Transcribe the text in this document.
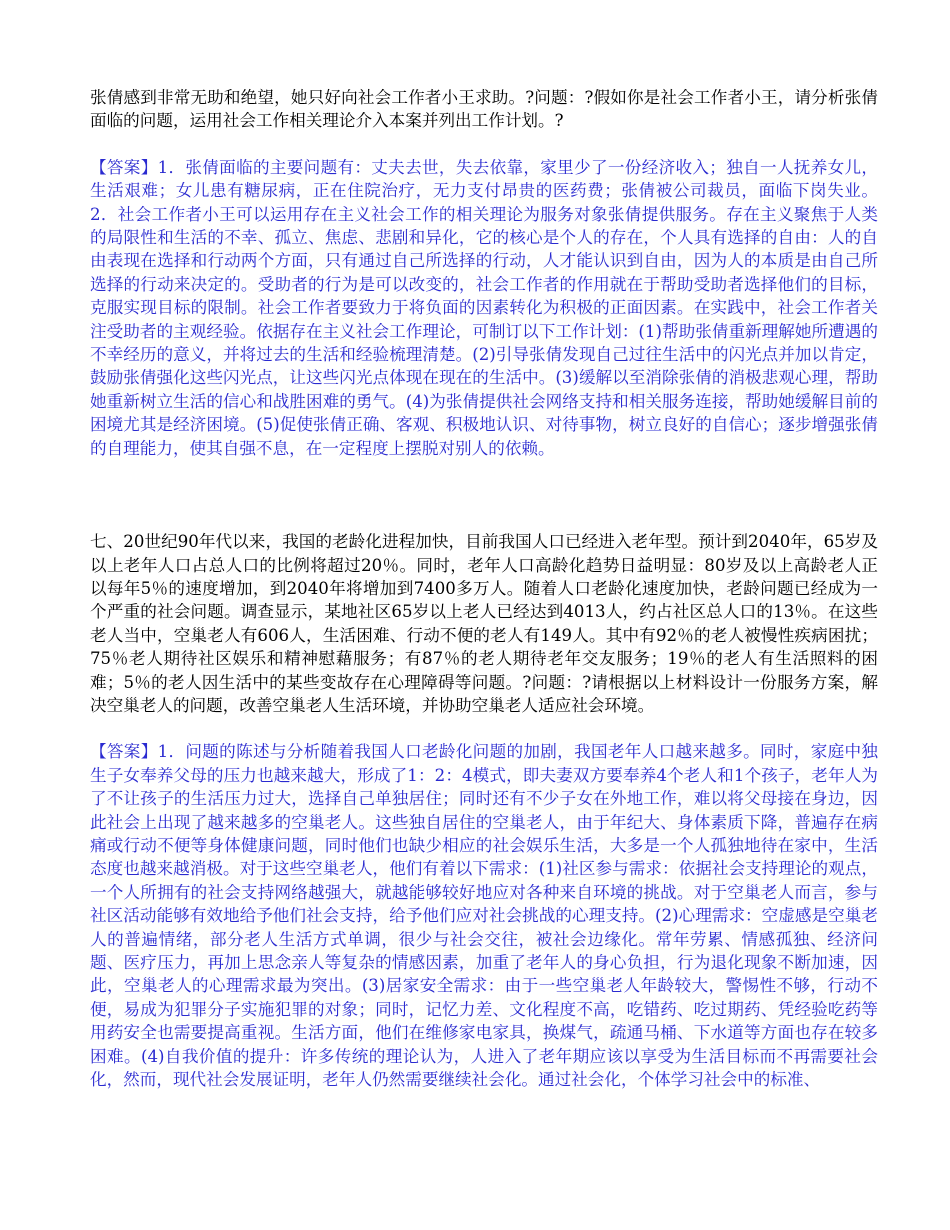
张倩感到非常无助和绝望，她只好向社会工作者小王求助。?问题：?假如你是社会工作者小王，请分析张倩面临的问题，运用社会工作相关理论介入本案并列出工作计划。?

【答案】1．张倩面临的主要问题有：丈夫去世，失去依靠，家里少了一份经济收入；独自一人抚养女儿，生活艰难；女儿患有糖尿病，正在住院治疗，无力支付昂贵的医药费；张倩被公司裁员，面临下岗失业。2．社会工作者小王可以运用存在主义社会工作的相关理论为服务对象张倩提供服务。存在主义聚焦于人类的局限性和生活的不幸、孤立、焦虑、悲剧和异化，它的核心是个人的存在，个人具有选择的自由：人的自由表现在选择和行动两个方面，只有通过自己所选择的行动，人才能认识到自由，因为人的本质是由自己所选择的行动来决定的。受助者的行为是可以改变的，社会工作者的作用就在于帮助受助者选择他们的目标，克服实现目标的限制。社会工作者要致力于将负面的因素转化为积极的正面因素。在实践中，社会工作者关注受助者的主观经验。依据存在主义社会工作理论，可制订以下工作计划：(1)帮助张倩重新理解她所遭遇的不幸经历的意义，并将过去的生活和经验梳理清楚。(2)引导张倩发现自己过往生活中的闪光点并加以肯定，鼓励张倩强化这些闪光点，让这些闪光点体现在现在的生活中。(3)缓解以至消除张倩的消极悲观心理，帮助她重新树立生活的信心和战胜困难的勇气。(4)为张倩提供社会网络支持和相关服务连接，帮助她缓解目前的困境尤其是经济困境。(5)促使张倩正确、客观、积极地认识、对待事物，树立良好的自信心；逐步增强张倩的自理能力，使其自强不息，在一定程度上摆脱对别人的依赖。

七、20世纪90年代以来，我国的老龄化进程加快，目前我国人口已经进入老年型。预计到2040年，65岁及以上老年人口占总人口的比例将超过20％。同时，老年人口高龄化趋势日益明显：80岁及以上高龄老人正以每年5％的速度增加，到2040年将增加到7400多万人。随着人口老龄化速度加快，老龄问题已经成为一个严重的社会问题。调查显示，某地社区65岁以上老人已经达到4013人，约占社区总人口的13％。在这些老人当中，空巢老人有606人，生活困难、行动不便的老人有149人。其中有92％的老人被慢性疾病困扰；75％老人期待社区娱乐和精神慰藉服务；有87％的老人期待老年交友服务；19％的老人有生活照料的困难；5％的老人因生活中的某些变故存在心理障碍等问题。?问题：?请根据以上材料设计一份服务方案，解决空巢老人的问题，改善空巢老人生活环境，并协助空巢老人适应社会环境。

【答案】1．问题的陈述与分析随着我国人口老龄化问题的加剧，我国老年人口越来越多。同时，家庭中独生子女奉养父母的压力也越来越大，形成了1：2：4模式，即夫妻双方要奉养4个老人和1个孩子，老年人为了不让孩子的生活压力过大，选择自己单独居住；同时还有不少子女在外地工作，难以将父母接在身边，因此社会上出现了越来越多的空巢老人。这些独自居住的空巢老人，由于年纪大、身体素质下降，普遍存在病痛或行动不便等身体健康问题，同时他们也缺少相应的社会娱乐生活，大多是一个人孤独地待在家中，生活态度也越来越消极。对于这些空巢老人，他们有着以下需求：(1)社区参与需求：依据社会支持理论的观点，一个人所拥有的社会支持网络越强大，就越能够较好地应对各种来自环境的挑战。对于空巢老人而言，参与社区活动能够有效地给予他们社会支持，给予他们应对社会挑战的心理支持。(2)心理需求：空虚感是空巢老人的普遍情绪，部分老人生活方式单调，很少与社会交往，被社会边缘化。常年劳累、情感孤独、经济问题、医疗压力，再加上思念亲人等复杂的情感因素，加重了老年人的身心负担，行为退化现象不断加速，因此，空巢老人的心理需求最为突出。(3)居家安全需求：由于一些空巢老人年龄较大，警惕性不够，行动不便，易成为犯罪分子实施犯罪的对象；同时，记忆力差、文化程度不高，吃错药、吃过期药、凭经验吃药等用药安全也需要提高重视。生活方面，他们在维修家电家具，换煤气，疏通马桶、下水道等方面也存在较多困难。(4)自我价值的提升：许多传统的理论认为，人进入了老年期应该以享受为生活目标而不再需要社会化，然而，现代社会发展证明，老年人仍然需要继续社会化。通过社会化，个体学习社会中的标准、
